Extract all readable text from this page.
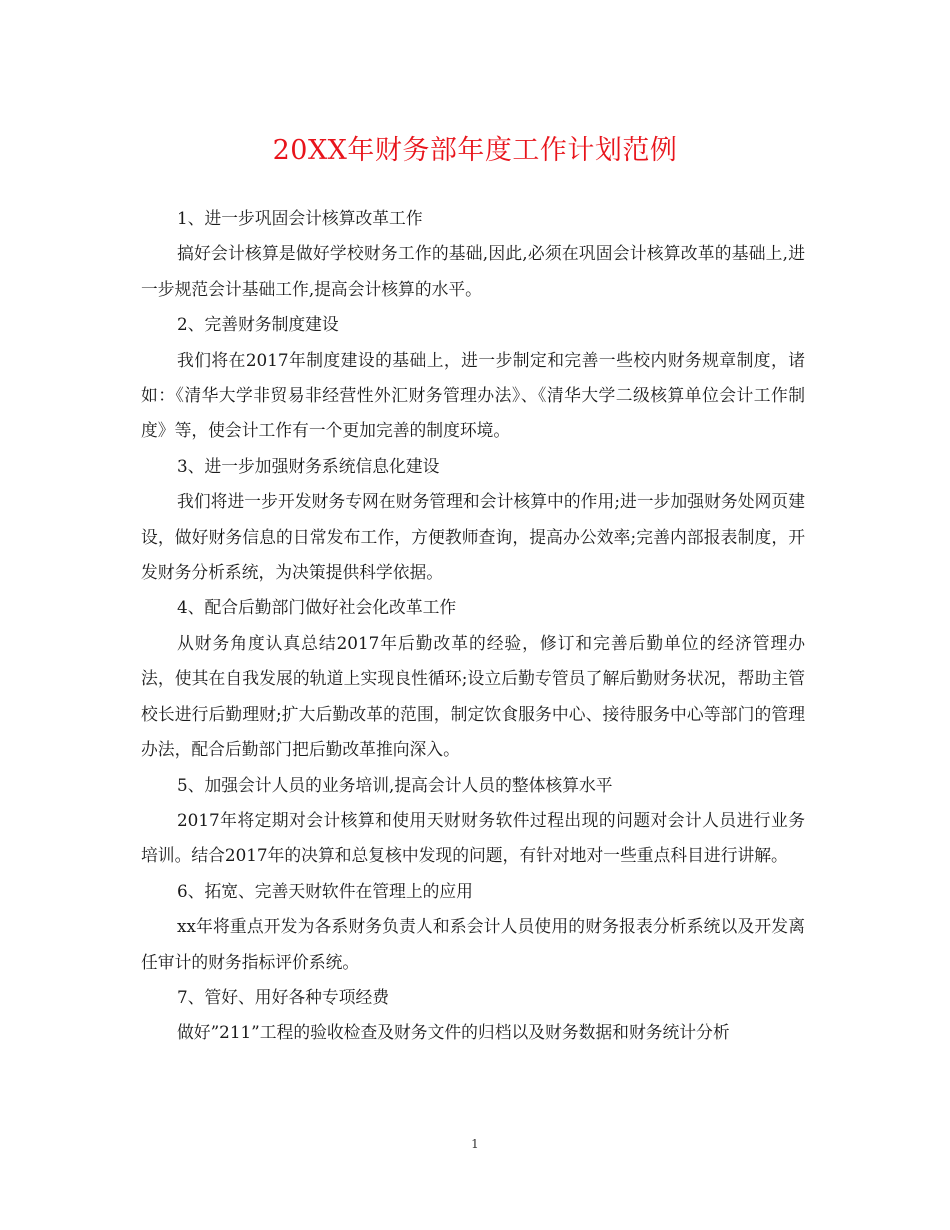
20XX年财务部年度工作计划范例

1、进一步巩固会计核算改革工作

搞好会计核算是做好学校财务工作的基础,因此,必须在巩固会计核算改革的基础上,进一步规范会计基础工作,提高会计核算的水平。

2、完善财务制度建设

我们将在2017年制度建设的基础上，进一步制定和完善一些校内财务规章制度，诸如：《清华大学非贸易非经营性外汇财务管理办法》、《清华大学二级核算单位会计工作制度》等，使会计工作有一个更加完善的制度环境。

3、进一步加强财务系统信息化建设

我们将进一步开发财务专网在财务管理和会计核算中的作用;进一步加强财务处网页建设，做好财务信息的日常发布工作，方便教师查询，提高办公效率;完善内部报表制度，开发财务分析系统，为决策提供科学依据。

4、配合后勤部门做好社会化改革工作

从财务角度认真总结2017年后勤改革的经验，修订和完善后勤单位的经济管理办法，使其在自我发展的轨道上实现良性循环;设立后勤专管员了解后勤财务状况，帮助主管校长进行后勤理财;扩大后勤改革的范围，制定饮食服务中心、接待服务中心等部门的管理办法，配合后勤部门把后勤改革推向深入。

5、加强会计人员的业务培训,提高会计人员的整体核算水平

2017年将定期对会计核算和使用天财财务软件过程出现的问题对会计人员进行业务培训。结合2017年的决算和总复核中发现的问题，有针对地对一些重点科目进行讲解。

6、拓宽、完善天财软件在管理上的应用

xx年将重点开发为各系财务负责人和系会计人员使用的财务报表分析系统以及开发离任审计的财务指标评价系统。

7、管好、用好各种专项经费

做好”211”工程的验收检查及财务文件的归档以及财务数据和财务统计分析

1
